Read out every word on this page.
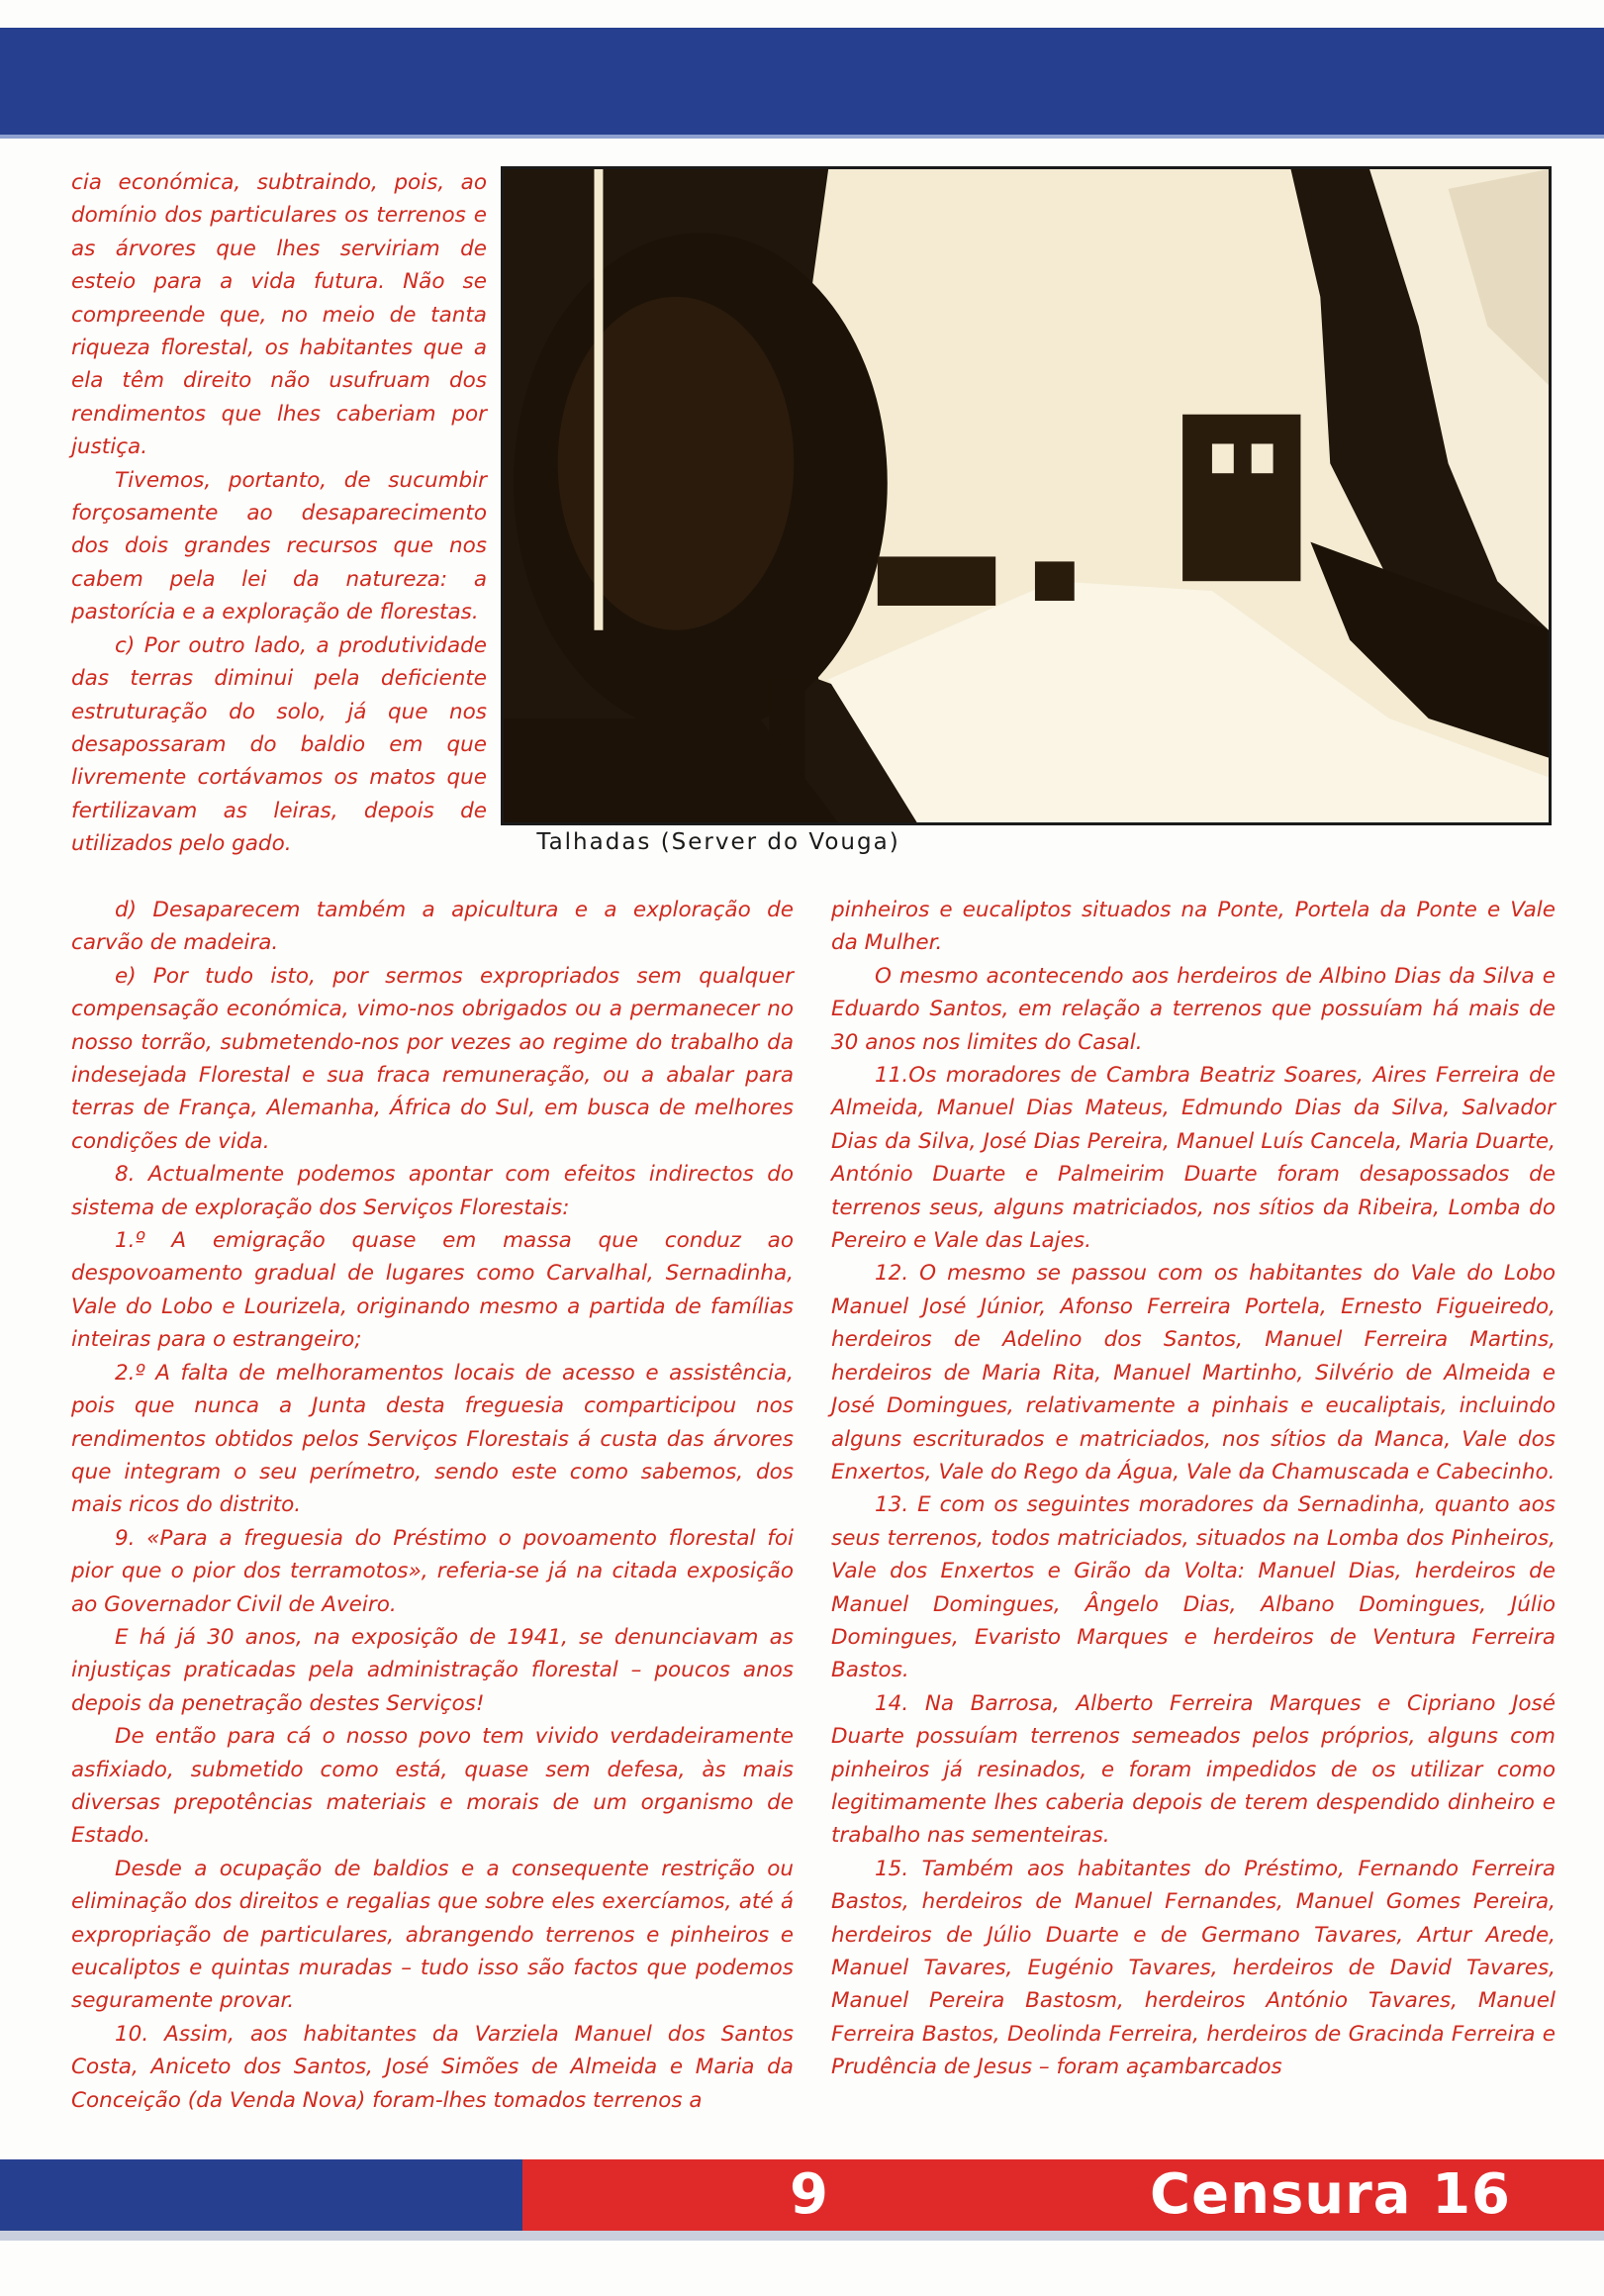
cia económica, subtraindo, pois, ao domínio dos particulares os terrenos e as árvores que lhes serviriam de esteio para a vida futura. Não se compreende que, no meio de tanta riqueza florestal, os habitantes que a ela têm direito não usufruam dos rendimentos que lhes caberiam por justiça.

Tivemos, portanto, de sucumbir forçosamente ao desaparecimento dos dois grandes recursos que nos cabem pela lei da natureza: a pastorícia e a exploração de florestas.

c) Por outro lado, a produtividade das terras diminui pela deficiente estruturação do solo, já que nos desapossaram do baldio em que livremente cortávamos os matos que fertilizavam as leiras, depois de utilizados pelo gado.

d) Desaparecem também a apicultura e a exploração de carvão de madeira.

e) Por tudo isto, por sermos expropriados sem qualquer compensação económica, vimo-nos obrigados ou a permanecer no nosso torrão, submetendo-nos por vezes ao regime do trabalho da indesejada Florestal e sua fraca remuneração, ou a abalar para terras de França, Alemanha, África do Sul, em busca de melhores condições de vida.

8. Actualmente podemos apontar com efeitos indirectos do sistema de exploração dos Serviços Florestais:

1.º A emigração quase em massa que conduz ao despovoamento gradual de lugares como Carvalhal, Sernadinha, Vale do Lobo e Lourizela, originando mesmo a partida de famílias inteiras para o estrangeiro;

2.º A falta de melhoramentos locais de acesso e assistência, pois que nunca a Junta desta freguesia comparticipou nos rendimentos obtidos pelos Serviços Florestais á custa das árvores que integram o seu perímetro, sendo este como sabemos, dos mais ricos do distrito.

9. «Para a freguesia do Préstimo o povoamento florestal foi pior que o pior dos terramotos», referia-se já na citada exposição ao Governador Civil de Aveiro.

E há já 30 anos, na exposição de 1941, se denunciavam as injustiças praticadas pela administração florestal – poucos anos depois da penetração destes Serviços!

De então para cá o nosso povo tem vivido verdadeiramente asfixiado, submetido como está, quase sem defesa, às mais diversas prepotências materiais e morais de um organismo de Estado.

Desde a ocupação de baldios e a consequente restrição ou eliminação dos direitos e regalias que sobre eles exercíamos, até á expropriação de particulares, abrangendo terrenos e pinheiros e eucaliptos e quintas muradas – tudo isso são factos que podemos seguramente provar.

10. Assim, aos habitantes da Varziela Manuel dos Santos Costa, Aniceto dos Santos, José Simões de Almeida e Maria da Conceição (da Venda Nova) foram-lhes tomados terrenos a

pinheiros e eucaliptos situados na Ponte, Portela da Ponte e Vale da Mulher.

O mesmo acontecendo aos herdeiros de Albino Dias da Silva e Eduardo Santos, em relação a terrenos que possuíam há mais de 30 anos nos limites do Casal.

11.Os moradores de Cambra Beatriz Soares, Aires Ferreira de Almeida, Manuel Dias Mateus, Edmundo Dias da Silva, Salvador Dias da Silva, José Dias Pereira, Manuel Luís Cancela, Maria Duarte, António Duarte e Palmeirim Duarte foram desapossados de terrenos seus, alguns matriciados, nos sítios da Ribeira, Lomba do Pereiro e Vale das Lajes.

12. O mesmo se passou com os habitantes do Vale do Lobo Manuel José Júnior, Afonso Ferreira Portela, Ernesto Figueiredo, herdeiros de Adelino dos Santos, Manuel Ferreira Martins, herdeiros de Maria Rita, Manuel Martinho, Silvério de Almeida e José Domingues, relativamente a pinhais e eucaliptais, incluindo alguns escriturados e matriciados, nos sítios da Manca, Vale dos Enxertos, Vale do Rego da Água, Vale da Chamuscada e Cabecinho.

13. E com os seguintes moradores da Sernadinha, quanto aos seus terrenos, todos matriciados, situados na Lomba dos Pinheiros, Vale dos Enxertos e Girão da Volta: Manuel Dias, herdeiros de Manuel Domingues, Ângelo Dias, Albano Domingues, Júlio Domingues, Evaristo Marques e herdeiros de Ventura Ferreira Bastos.

14. Na Barrosa, Alberto Ferreira Marques e Cipriano José Duarte possuíam terrenos semeados pelos próprios, alguns com pinheiros já resinados, e foram impedidos de os utilizar como legitimamente lhes caberia depois de terem despendido dinheiro e trabalho nas sementeiras.

15. Também aos habitantes do Préstimo, Fernando Ferreira Bastos, herdeiros de Manuel Fernandes, Manuel Gomes Pereira, herdeiros de Júlio Duarte e de Germano Tavares, Artur Arede, Manuel Tavares, Eugénio Tavares, herdeiros de David Tavares, Manuel Pereira Bastosm, herdeiros António Tavares, Manuel Ferreira Bastos, Deolinda Ferreira, herdeiros de Gracinda Ferreira e Prudência de Jesus – foram açambarcados

Talhadas (Server do Vouga)
9	Censura 16
